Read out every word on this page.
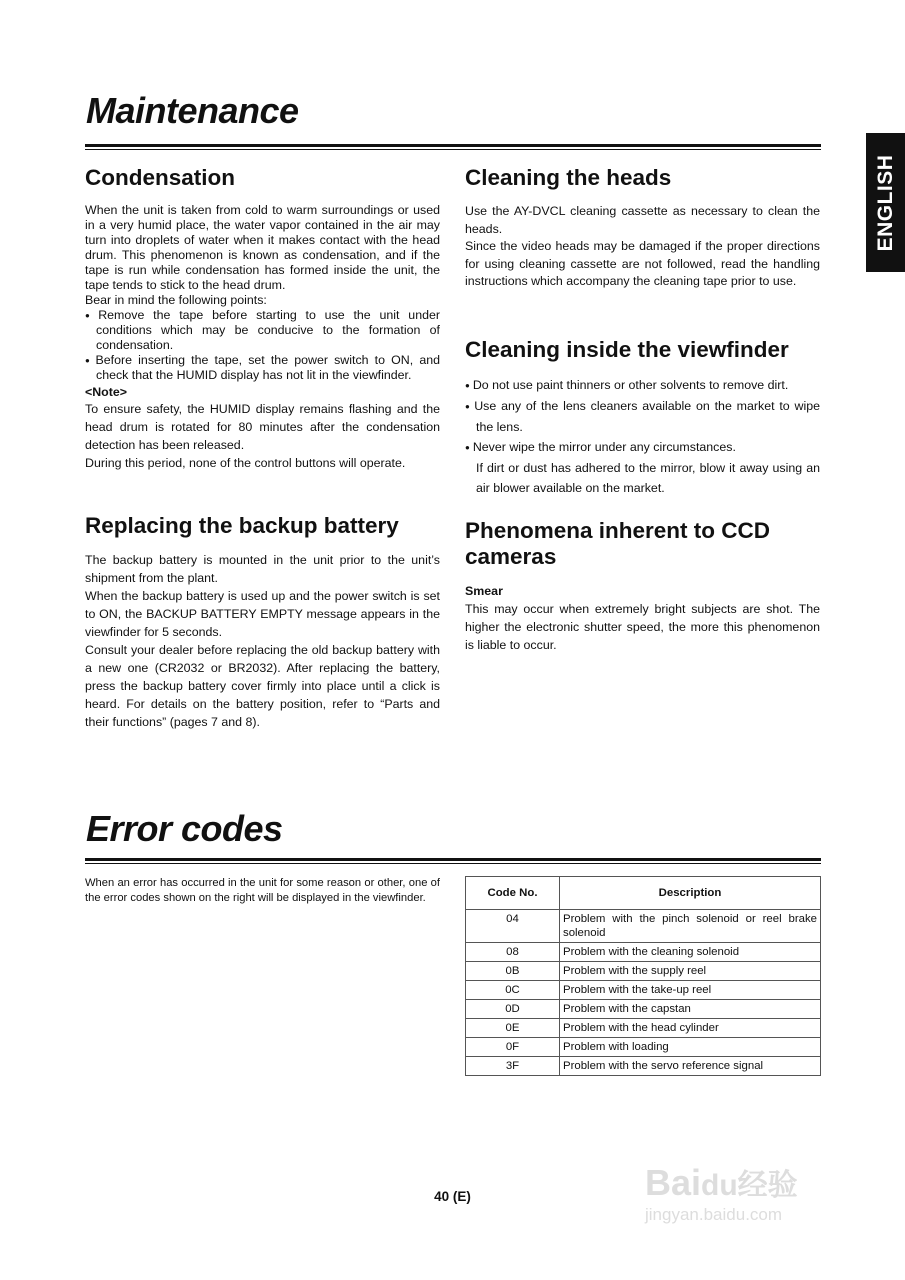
Maintenance
ENGLISH
Condensation

When the unit is taken from cold to warm surroundings or used in a very humid place, the water vapor contained in the air may turn into droplets of water when it makes contact with the head drum. This phenomenon is known as condensation, and if the tape is run while condensation has formed inside the unit, the tape tends to stick to the head drum.

Bear in mind the following points:

● Remove the tape before starting to use the unit under conditions which may be conducive to the formation of condensation.
● Before inserting the tape, set the power switch to ON, and check that the HUMID display has not lit in the viewfinder.

<Note>

To ensure safety, the HUMID display remains flashing and the head drum is rotated for 80 minutes after the condensation detection has been released.

During this period, none of the control buttons will operate.

Replacing the backup battery

The backup battery is mounted in the unit prior to the unit’s shipment from the plant.

When the backup battery is used up and the power switch is set to ON, the BACKUP BATTERY EMPTY message appears in the viewfinder for 5 seconds.

Consult your dealer before replacing the old backup battery with a new one (CR2032 or BR2032). After replacing the battery, press the backup battery cover firmly into place until a click is heard. For details on the battery position, refer to “Parts and their functions” (pages 7 and 8).

Cleaning the heads

Use the AY-DVCL cleaning cassette as necessary to clean the heads.

Since the video heads may be damaged if the proper directions for using cleaning cassette are not followed, read the handling instructions which accompany the cleaning tape prior to use.

Cleaning inside the viewfinder
● Do not use paint thinners or other solvents to remove dirt.
● Use any of the lens cleaners available on the market to wipe the lens.
● Never wipe the mirror under any circumstances.

If dirt or dust has adhered to the mirror, blow it away using an air blower available on the market.

Phenomena inherent to CCD cameras

Smear

This may occur when extremely bright subjects are shot. The higher the electronic shutter speed, the more this phenomenon is liable to occur.

Error codes

When an error has occurred in the unit for some reason or other, one of the error codes shown on the right will be displayed in the viewfinder.	Code No.	Description
04	Problem with the pinch solenoid or reel brake solenoid
08	Problem with the cleaning solenoid
0B	Problem with the supply reel
0C	Problem with the take-up reel
0D	Problem with the capstan
0E	Problem with the head cylinder
0F	Problem with loading
3F	Problem with the servo reference signal
40 (E)	Baidu经验
jingyan.baidu.com
